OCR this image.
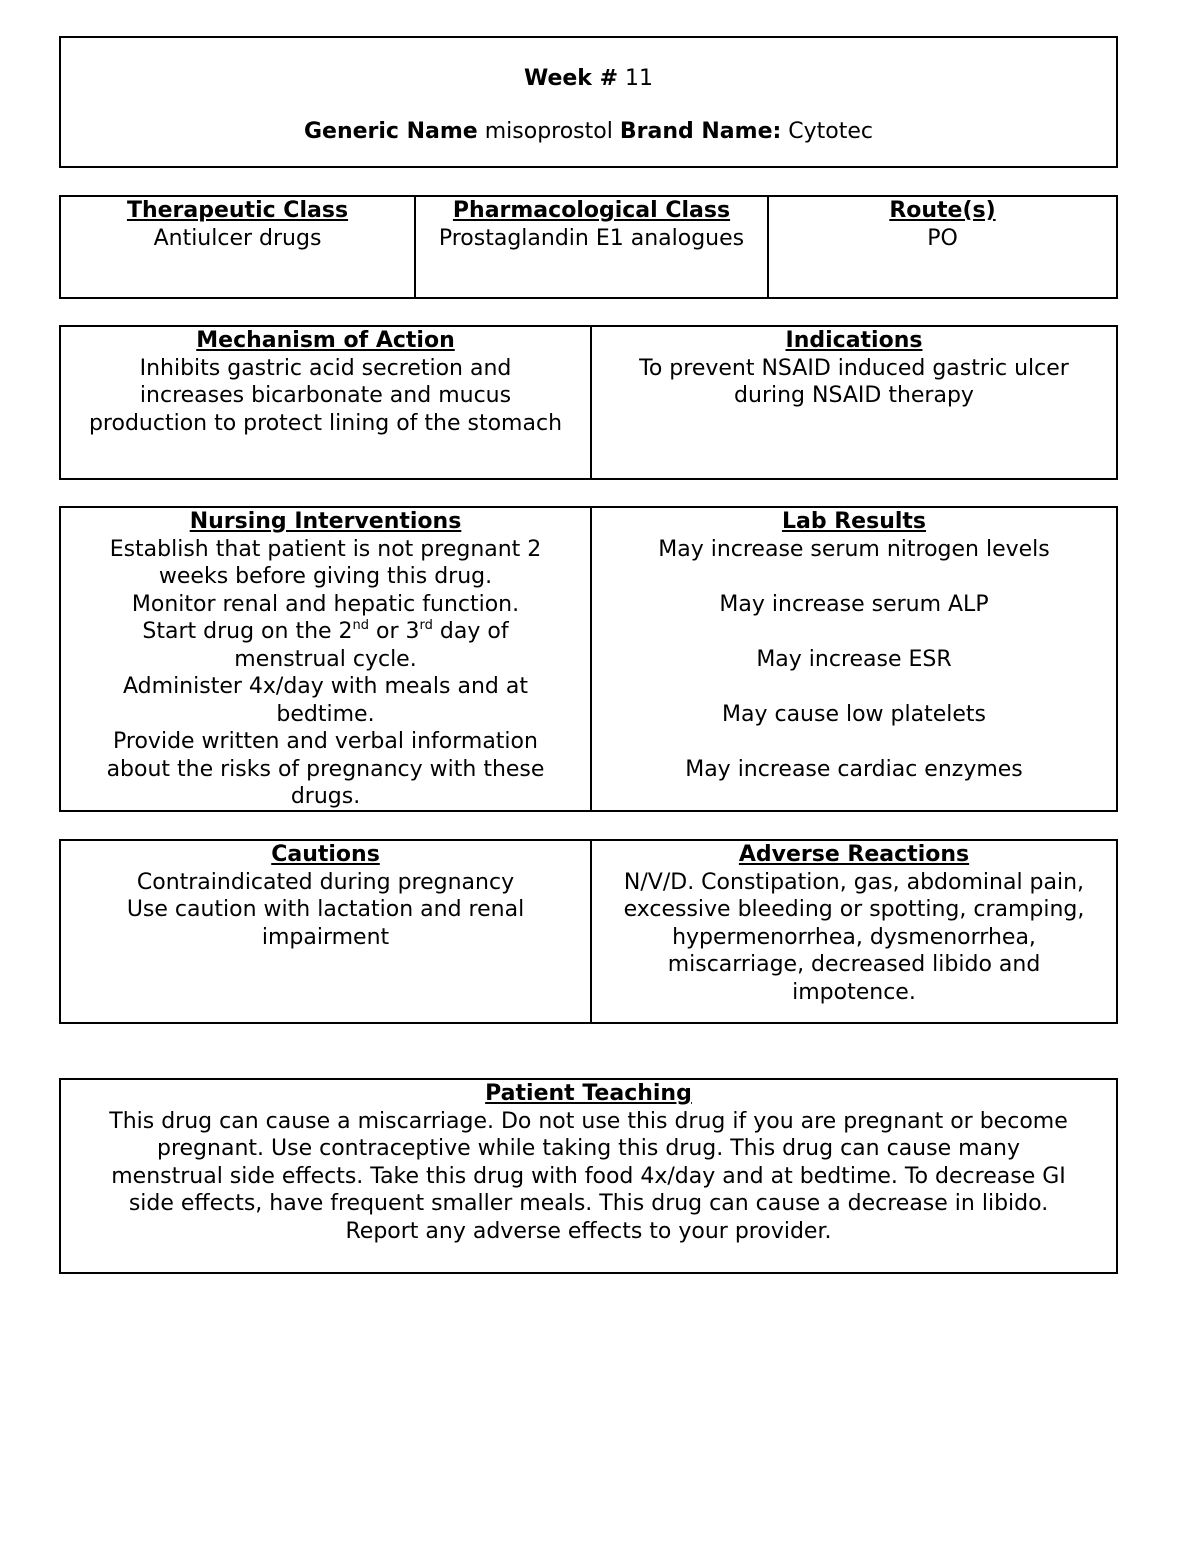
Week # 11
Generic Name misoprostol Brand Name: Cytotec
Therapeutic Class
Antiulcer drugs
Pharmacological Class
Prostaglandin E1 analogues
Route(s)
PO
Mechanism of Action
Inhibits gastric acid secretion and
increases bicarbonate and mucus
production to protect lining of the stomach
Indications
To prevent NSAID induced gastric ulcer
during NSAID therapy
Nursing Interventions
Establish that patient is not pregnant 2
weeks before giving this drug.
Monitor renal and hepatic function.
Start drug on the 2nd or 3rd day of
menstrual cycle.
Administer 4x/day with meals and at
bedtime.
Provide written and verbal information
about the risks of pregnancy with these
drugs.
Lab Results
May increase serum nitrogen levels
May increase serum ALP
May increase ESR
May cause low platelets
May increase cardiac enzymes
Cautions
Contraindicated during pregnancy
Use caution with lactation and renal
impairment
Adverse Reactions
N/V/D. Constipation, gas, abdominal pain,
excessive bleeding or spotting, cramping,
hypermenorrhea, dysmenorrhea,
miscarriage, decreased libido and
impotence.
Patient Teaching
This drug can cause a miscarriage. Do not use this drug if you are pregnant or become
pregnant. Use contraceptive while taking this drug. This drug can cause many
menstrual side effects. Take this drug with food 4x/day and at bedtime. To decrease GI
side effects, have frequent smaller meals. This drug can cause a decrease in libido.
Report any adverse effects to your provider.
